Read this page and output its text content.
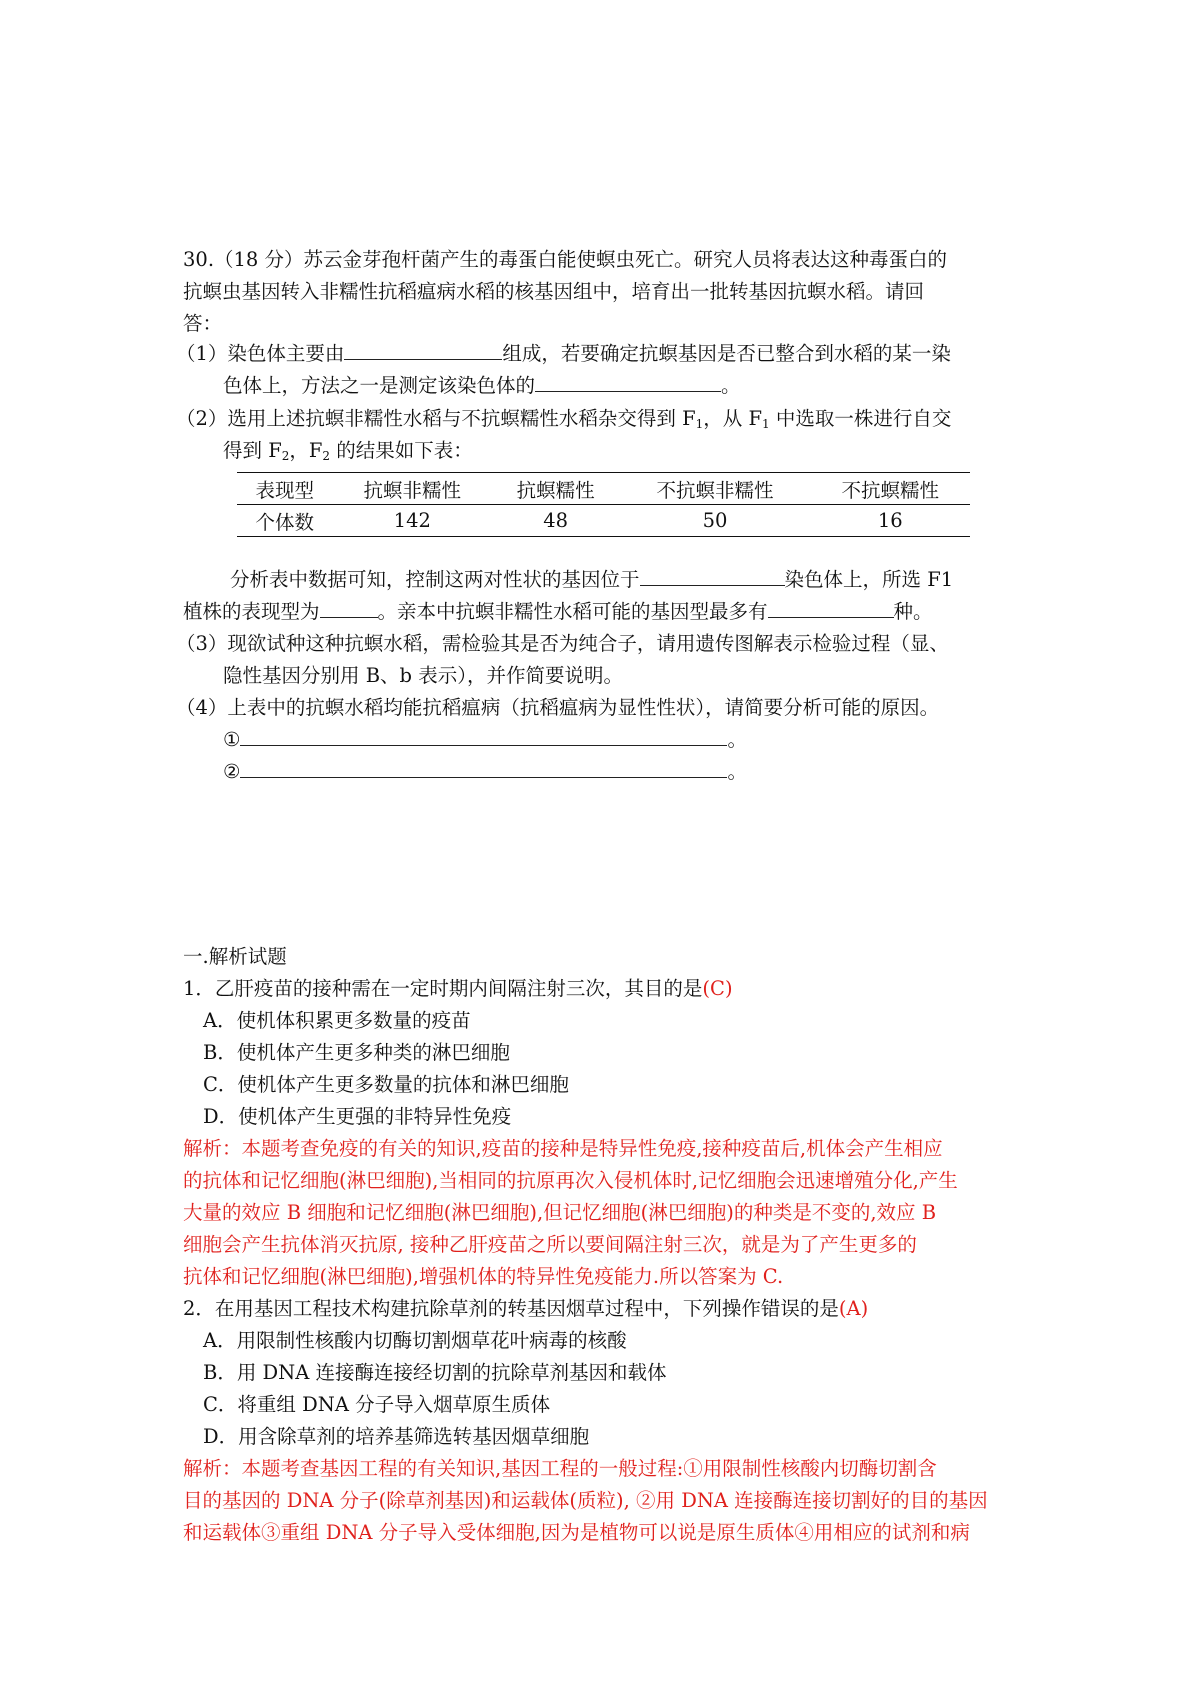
30.（18 分）苏云金芽孢杆菌产生的毒蛋白能使螟虫死亡。研究人员将表达这种毒蛋白的
抗螟虫基因转入非糯性抗稻瘟病水稻的核基因组中，培育出一批转基因抗螟水稻。请回
答：
（1）染色体主要由	组成，若要确定抗螟基因是否已整合到水稻的某一染
色体上，方法之一是测定该染色体的	。
（2）选用上述抗螟非糯性水稻与不抗螟糯性水稻杂交得到 $F_1$，从 $F_1$ 中选取一株进行自交
得到 $F_2$，$F_2$ 的结果如下表：
表现型	抗螟非糯性	抗螟糯性	不抗螟非糯性	不抗螟糯性
个体数	142	48	50	16
分析表中数据可知，控制这两对性状的基因位于	染色体上，所选 F1
植株的表现型为	。亲本中抗螟非糯性水稻可能的基因型最多有	种。
（3）现欲试种这种抗螟水稻，需检验其是否为纯合子，请用遗传图解表示检验过程（显、
隐性基因分别用 B、b 表示），并作简要说明。
（4）上表中的抗螟水稻均能抗稻瘟病（抗稻瘟病为显性性状），请简要分析可能的原因。
①	。
②	。
一.解析试题
1．乙肝疫苗的接种需在一定时期内间隔注射三次，其目的是(C)
A．使机体积累更多数量的疫苗
B．使机体产生更多种类的淋巴细胞
C．使机体产生更多数量的抗体和淋巴细胞
D．使机体产生更强的非特异性免疫
解析：本题考查免疫的有关的知识,疫苗的接种是特异性免疫,接种疫苗后,机体会产生相应
的抗体和记忆细胞(淋巴细胞),当相同的抗原再次入侵机体时,记忆细胞会迅速增殖分化,产生
大量的效应 B 细胞和记忆细胞(淋巴细胞),但记忆细胞(淋巴细胞)的种类是不变的,效应 B
细胞会产生抗体消灭抗原, 接种乙肝疫苗之所以要间隔注射三次，就是为了产生更多的
抗体和记忆细胞(淋巴细胞),增强机体的特异性免疫能力.所以答案为 C.
2．在用基因工程技术构建抗除草剂的转基因烟草过程中，下列操作错误的是(A)
A．用限制性核酸内切酶切割烟草花叶病毒的核酸
B．用 DNA 连接酶连接经切割的抗除草剂基因和载体
C．将重组 DNA 分子导入烟草原生质体
D．用含除草剂的培养基筛选转基因烟草细胞
解析：本题考查基因工程的有关知识,基因工程的一般过程:①用限制性核酸内切酶切割含
目的基因的 DNA 分子(除草剂基因)和运载体(质粒), ②用 DNA 连接酶连接切割好的目的基因
和运载体③重组 DNA 分子导入受体细胞,因为是植物可以说是原生质体④用相应的试剂和病
